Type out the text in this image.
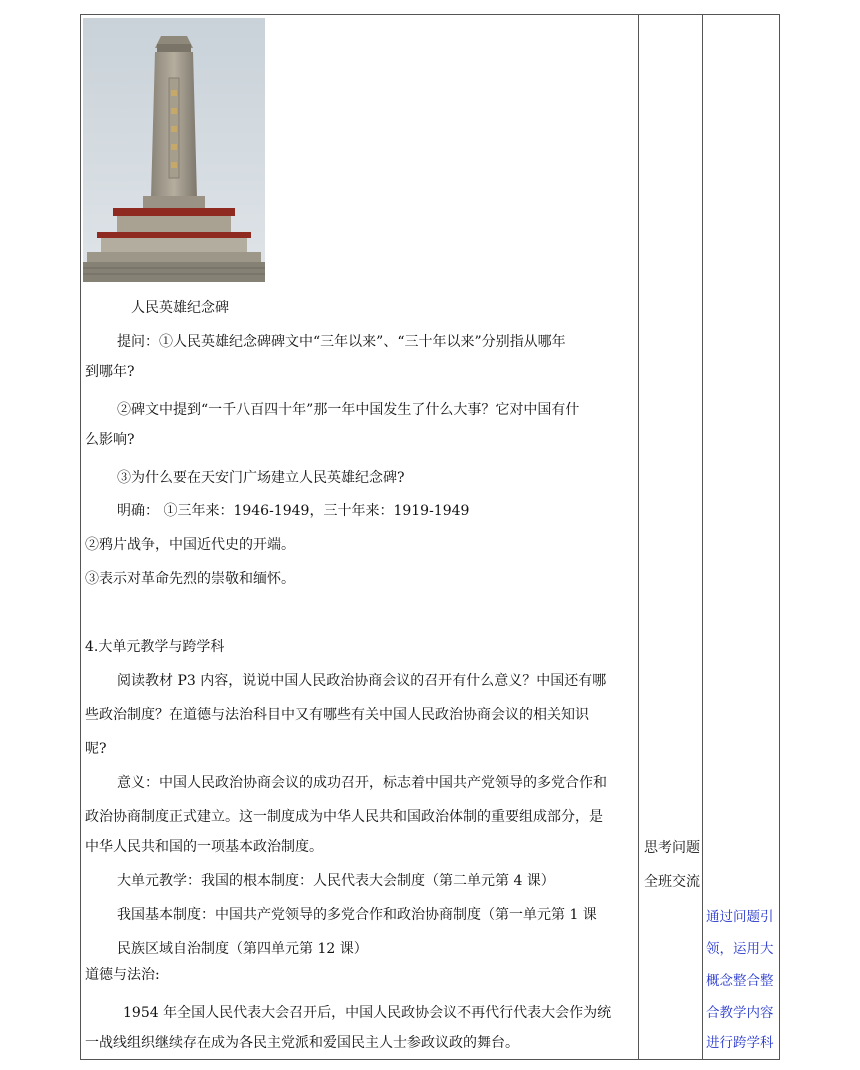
人民英雄纪念碑
提问：①人民英雄纪念碑碑文中“三年以来”、“三十年以来”分别指从哪年
到哪年?
②碑文中提到“一千八百四十年”那一年中国发生了什么大事？它对中国有什
么影响?
③为什么要在天安门广场建立人民英雄纪念碑?
明确： ①三年来：1946-1949，三十年来：1919-1949
②鸦片战争，中国近代史的开端。
③表示对革命先烈的崇敬和缅怀。
4.大单元教学与跨学科
阅读教材 P3 内容，说说中国人民政治协商会议的召开有什么意义？中国还有哪
些政治制度？在道德与法治科目中又有哪些有关中国人民政治协商会议的相关知识
呢?
意义：中国人民政治协商会议的成功召开，标志着中国共产党领导的多党合作和
政治协商制度正式建立。这一制度成为中华人民共和国政治体制的重要组成部分，是
中华人民共和国的一项基本政治制度。
大单元教学：我国的根本制度：人民代表大会制度（第二单元第 4 课）
我国基本制度：中国共产党领导的多党合作和政治协商制度（第一单元第 1 课
民族区域自治制度（第四单元第 12 课）
道德与法治:
1954 年全国人民代表大会召开后，中国人民政协会议不再代行代表大会作为统
一战线组织继续存在成为各民主党派和爱国民主人士参政议政的舞台。
思考问题
全班交流
通过问题引
领，运用大
概念整合整
合教学内容
进行跨学科
